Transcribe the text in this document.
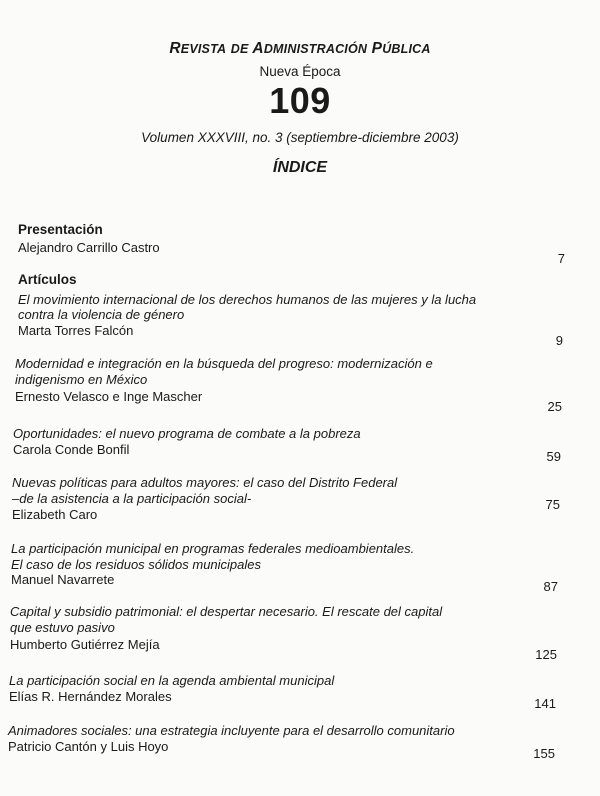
REVISTA DE ADMINISTRACIÓN PÚBLICA
Nueva Época
109
Volumen XXXVIII, no. 3 (septiembre-diciembre 2003)
ÍNDICE
Presentación
Alejandro Carrillo Castro
7
Artículos
El movimiento internacional de los derechos humanos de las mujeres y la lucha
contra la violencia de género
Marta Torres Falcón
9
Modernidad e integración en la búsqueda del progreso: modernización e
indigenismo en México
Ernesto Velasco e Inge Mascher
25
Oportunidades: el nuevo programa de combate a la pobreza
Carola Conde Bonfil	59
Nuevas políticas para adultos mayores: el caso del Distrito Federal
–de la asistencia a la participación social-
Elizabeth Caro
75
La participación municipal en programas federales medioambientales.
El caso de los residuos sólidos municipales
Manuel Navarrete	87
Capital y subsidio patrimonial: el despertar necesario. El rescate del capital
que estuvo pasivo
Humberto Gutiérrez Mejía
125
La participación social en la agenda ambiental municipal
Elías R. Hernández Morales	141
Animadores sociales: una estrategia incluyente para el desarrollo comunitario
Patricio Cantón y Luis Hoyo	155
